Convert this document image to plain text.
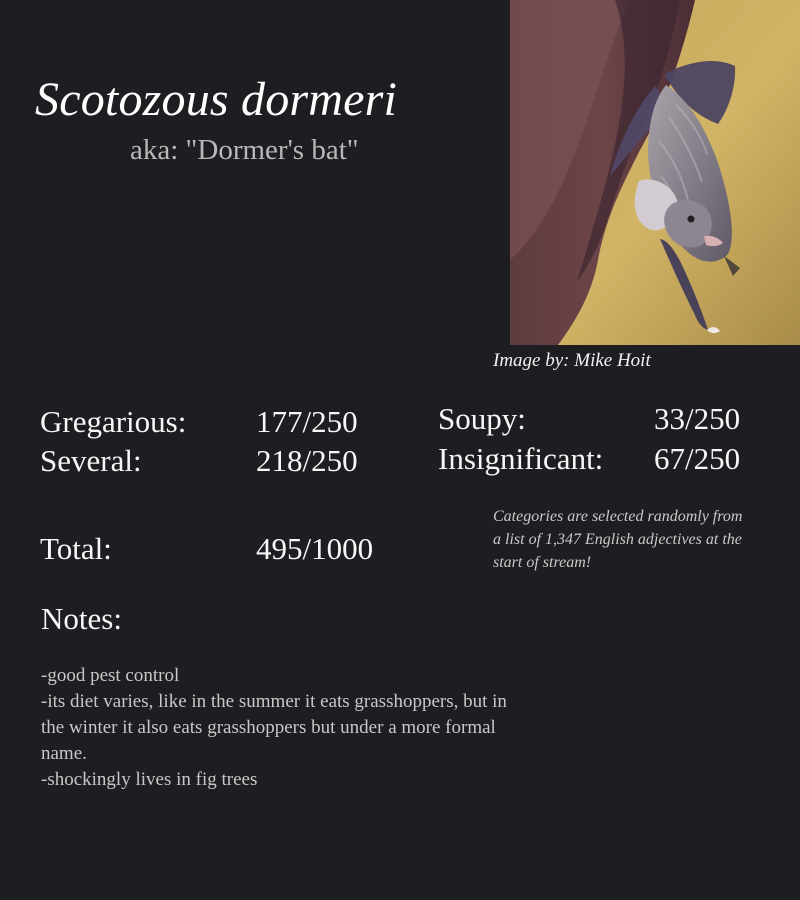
Scotozous dormeri
aka: "Dormer's bat"
Image by: Mike Hoit
Gregarious: 177/250
Several:	218/250
Soupy:	33/250
Insignificant: 67/250
Total:	495/1000
Categories are selected randomly from a list of 1,347 English adjectives at the start of stream!
Notes:
-good pest control
-its diet varies, like in the summer it eats grasshoppers, but in the winter it also eats grasshoppers but under a more formal name.
-shockingly lives in fig trees
